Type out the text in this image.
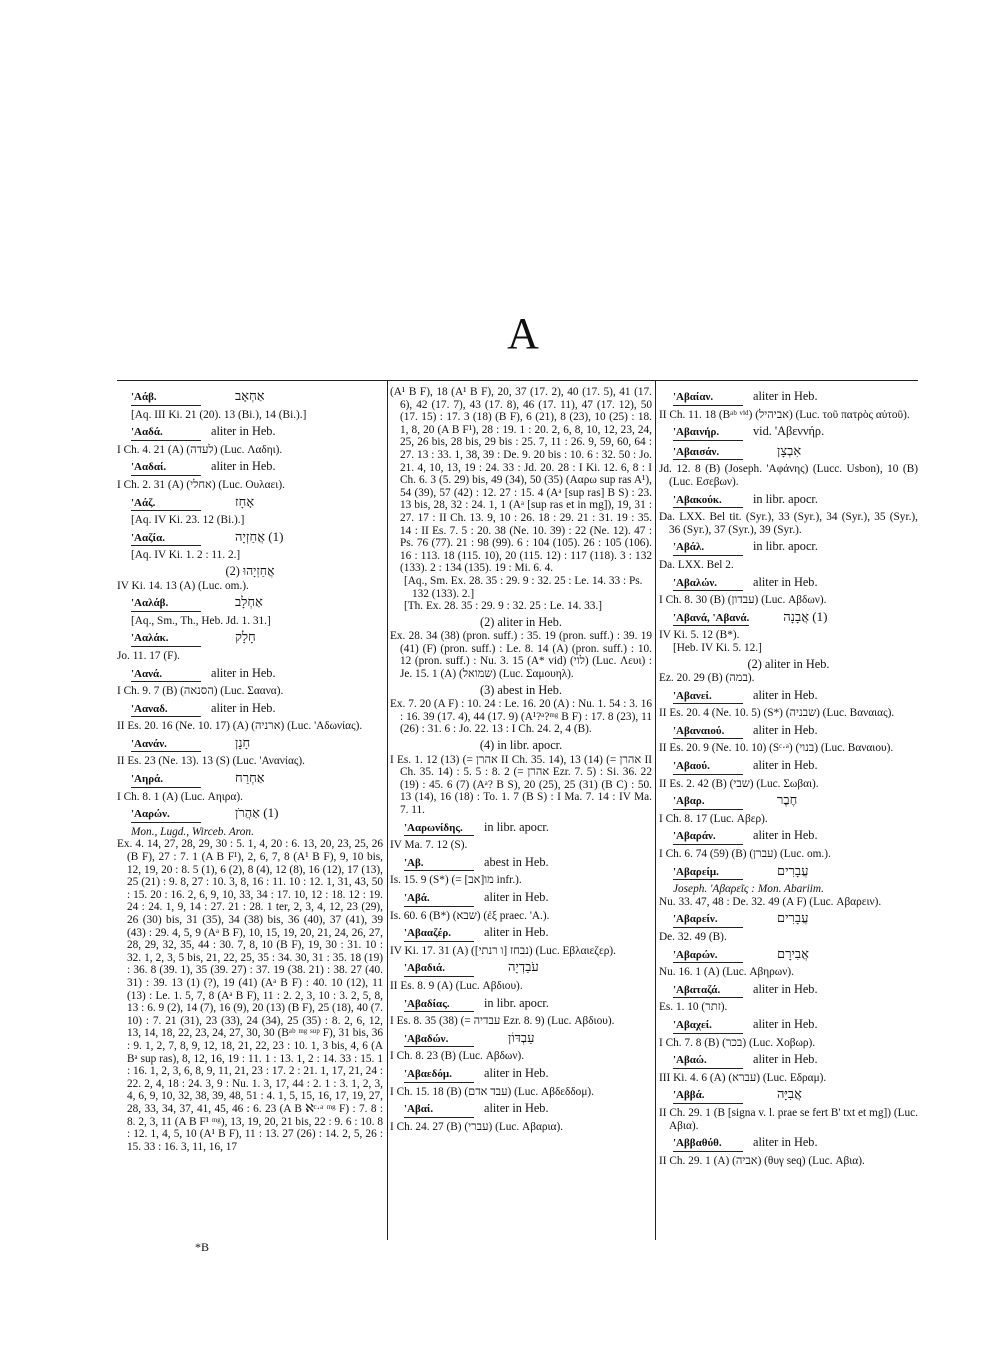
A
'Aάβ.	אַחְאָב
[Aq. III Ki. 21 (20). 13 (Bi.), 14 (Bi.).]
'Aαδά.	aliter in Heb.
I Ch. 4. 21 (A) (לעדה) (Luc. Λαδηι).
'Aαδαί.	aliter in Heb.
I Ch. 2. 31 (A) (אחלי) (Luc. Ουλαει).
'Aάζ.	אָחָז
[Aq. IV Ki. 23. 12 (Bi.).]
'Aαζία.	(1) אֲחַזְיָה
[Aq. IV Ki. 1. 2 : 11. 2.]
(2) אֲחַזְיָהוּ
IV Ki. 14. 13 (A) (Luc. om.).
'Aαλάβ.	אַחְלָב
[Aq., Sm., Th., Heb. Jd. 1. 31.]
'Aαλάκ.	חָלָק
Jo. 11. 17 (F).
'Aανά.	aliter in Heb.
I Ch. 9. 7 (B) (הסנאה) (Luc. Σαανα).
'Aαναδ.	aliter in Heb.
II Es. 20. 16 (Ne. 10. 17) (A) (ארניה) (Luc. 'Αδωνίας).
'Aανάν.	חָנָן
II Es. 23 (Ne. 13). 13 (S) (Luc. 'Ανανίας).
'Aηρά.	אַחְרַח
I Ch. 8. 1 (A) (Luc. Αηιρα).
'Aαρών.	(1) אַהֲרֹן
Mon., Lugd., Wirceb. Aron.
Ex. 4. 14, 27, 28, 29, 30 : 5. 1, 4, 20 : 6. 13, 20, 23, 25, 26 (B F), 27 : 7. 1 (A B F¹), 2, 6, 7, 8 (A¹ B F), 9, 10 bis, 12, 19, 20 : 8. 5 (1), 6 (2), 8 (4), 12 (8), 16 (12), 17 (13), 25 (21) : 9. 8, 27 : 10. 3, 8, 16 : 11. 10 : 12. 1, 31, 43, 50 : 15. 20 : 16. 2, 6, 9, 10, 33, 34 : 17. 10, 12 : 18. 12 : 19. 24 : 24. 1, 9, 14 : 27. 21 : 28. 1 ter, 2, 3, 4, 12, 23 (29), 26 (30) bis, 31 (35), 34 (38) bis, 36 (40), 37 (41), 39 (43) : 29. 4, 5, 9 (Aᵃ B F), 10, 15, 19, 20, 21, 24, 26, 27, 28, 29, 32, 35, 44 : 30. 7, 8, 10 (B F), 19, 30 : 31. 10 : 32. 1, 2, 3, 5 bis, 21, 22, 25, 35 : 34. 30, 31 : 35. 18 (19) : 36. 8 (39. 1), 35 (39. 27) : 37. 19 (38. 21) : 38. 27 (40. 31) : 39. 13 (1) (?), 19 (41) (Aᵃ B F) : 40. 10 (12), 11 (13) : Le. 1. 5, 7, 8 (Aᵃ B F), 11 : 2. 2, 3, 10 : 3. 2, 5, 8, 13 : 6. 9 (2), 14 (7), 16 (9), 20 (13) (B F), 25 (18), 40 (7. 10) : 7. 21 (31), 23 (33), 24 (34), 25 (35) : 8. 2, 6, 12, 13, 14, 18, 22, 23, 24, 27, 30, 30 (Bᵃᵇ ᵐᵍ ˢᵘᵖ F), 31 bis, 36 : 9. 1, 2, 7, 8, 9, 12, 18, 21, 22, 23 : 10. 1, 3 bis, 4, 6 (A Bᵃ sup ras), 8, 12, 16, 19 : 11. 1 : 13. 1, 2 : 14. 33 : 15. 1 : 16. 1, 2, 3, 6, 8, 9, 11, 21, 23 : 17. 2 : 21. 1, 17, 21, 24 : 22. 2, 4, 18 : 24. 3, 9 : Nu. 1. 3, 17, 44 : 2. 1 : 3. 1, 2, 3, 4, 6, 9, 10, 32, 38, 39, 48, 51 : 4. 1, 5, 15, 16, 17, 19, 27, 28, 33, 34, 37, 41, 45, 46 : 6. 23 (A B ℵᶜ·ᵃ ᵐᵍ F) : 7. 8 : 8. 2, 3, 11 (A B F¹ ᵐᵍ), 13, 19, 20, 21 bis, 22 : 9. 6 : 10. 8 : 12. 1, 4, 5, 10 (A¹ B F), 11 : 13. 27 (26) : 14. 2, 5, 26 : 15. 33 : 16. 3, 11, 16, 17
(A¹ B F), 18 (A¹ B F), 20, 37 (17. 2), 40 (17. 5), 41 (17. 6), 42 (17. 7), 43 (17. 8), 46 (17. 11), 47 (17. 12), 50 (17. 15) : 17. 3 (18) (B F), 6 (21), 8 (23), 10 (25) : 18. 1, 8, 20 (A B F¹), 28 : 19. 1 : 20. 2, 6, 8, 10, 12, 23, 24, 25, 26 bis, 28 bis, 29 bis : 25. 7, 11 : 26. 9, 59, 60, 64 : 27. 13 : 33. 1, 38, 39 : De. 9. 20 bis : 10. 6 : 32. 50 : Jo. 21. 4, 10, 13, 19 : 24. 33 : Jd. 20. 28 : I Ki. 12. 6, 8 : I Ch. 6. 3 (5. 29) bis, 49 (34), 50 (35) (Ααρω sup ras A¹), 54 (39), 57 (42) : 12. 27 : 15. 4 (Aᵃ [sup ras] B S) : 23. 13 bis, 28, 32 : 24. 1, 1 (Aᵃ [sup ras et in mg]), 19, 31 : 27. 17 : II Ch. 13. 9, 10 : 26. 18 : 29. 21 : 31. 19 : 35. 14 : II Es. 7. 5 : 20. 38 (Ne. 10. 39) : 22 (Ne. 12). 47 : Ps. 76 (77). 21 : 98 (99). 6 : 104 (105). 26 : 105 (106). 16 : 113. 18 (115. 10), 20 (115. 12) : 117 (118). 3 : 132 (133). 2 : 134 (135). 19 : Mi. 6. 4.
[Aq., Sm. Ex. 28. 35 : 29. 9 : 32. 25 : Le. 14. 33 : Ps. 132 (133). 2.]
[Th. Ex. 28. 35 : 29. 9 : 32. 25 : Le. 14. 33.]
(2) aliter in Heb.
Ex. 28. 34 (38) (pron. suff.) : 35. 19 (pron. suff.) : 39. 19 (41) (F) (pron. suff.) : Le. 8. 14 (A) (pron. suff.) : 10. 12 (pron. suff.) : Nu. 3. 15 (A* vid) (לוי) (Luc. Λευι) : Je. 15. 1 (A) (שמואל) (Luc. Σαμουηλ).
(3) abest in Heb.
Ex. 7. 20 (A F) : 10. 24 : Le. 16. 20 (A) : Nu. 1. 54 : 3. 16 : 16. 39 (17. 4), 44 (17. 9) (A¹?ᵃ?ᵐᵍ B F) : 17. 8 (23), 11 (26) : 31. 6 : Jo. 22. 13 : I Ch. 24. 2, 4 (B).
(4) in libr. apocr.
I Es. 1. 12 (13) (= אהרן II Ch. 35. 14), 13 (14) (= אהרן II Ch. 35. 14) : 5. 5 : 8. 2 (= אהרן Ezr. 7. 5) : Si. 36. 22 (19) : 45. 6 (7) (Aᵃ? B S), 20 (25), 25 (31) (B C) : 50. 13 (14), 16 (18) : To. 1. 7 (B S) : I Ma. 7. 14 : IV Ma. 7. 11.
'Aαρωνίδης.	in libr. apocr.
IV Ma. 7. 12 (S).
'Aβ.	abest in Heb.
Is. 15. 9 (S*) (= מו[אב] infr.).
'Aβά.	aliter in Heb.
Is. 60. 6 (B*) (שבא) (ἐξ praec. 'A.).
'Aβααζέρ.	aliter in Heb.
IV Ki. 17. 31 (A) (נבחז [ו רנתי]) (Luc. Εβλαιεζερ).
'Aβαδιά.	עֹבַדְיָה
II Es. 8. 9 (A) (Luc. Αβδιου).
'Aβαδίας.	in libr. apocr.
I Es. 8. 35 (38) (= עבדיה Ezr. 8. 9) (Luc. Αβδιου).
'Aβαδών.	עַבְדּוֹן
I Ch. 8. 23 (B) (Luc. Αβδων).
'Aβαεδόμ.	aliter in Heb.
I Ch. 15. 18 (B) (עבד אדם) (Luc. Αβδεδδομ).
'Aβαί.	aliter in Heb.
I Ch. 24. 27 (B) (עברי) (Luc. Αβαρια).
'Aβαίαν.	aliter in Heb.
II Ch. 11. 18 (Bᵃᵇ ᵛⁱᵈ) (אביהיל) (Luc. τοῦ πατρὸς αὐτοῦ).
'Aβαινήρ.	vid. 'Aβεννήρ.
'Aβαισάν.	אִבְצָן
Jd. 12. 8 (B) (Joseph. 'Αφάνης) (Lucc. Usbon), 10 (B) (Luc. Εσεβων).
'Aβακούκ.	in libr. apocr.
Da. LXX. Bel tit. (Syr.), 33 (Syr.), 34 (Syr.), 35 (Syr.), 36 (Syr.), 37 (Syr.), 39 (Syr.).
'Aβάλ.	in libr. apocr.
Da. LXX. Bel 2.
'Aβαλών.	aliter in Heb.
I Ch. 8. 30 (B) (עבדון) (Luc. Αβδων).
'Aβανά, 'Aβανά.	(1) אֲבָנָה
IV Ki. 5. 12 (B*).
[Heb. IV Ki. 5. 12.]
(2) aliter in Heb.
Ez. 20. 29 (B) (במה).
'Aβανεί.	aliter in Heb.
II Es. 20. 4 (Ne. 10. 5) (S*) (שבניה) (Luc. Βαναιας).
'Aβαναιού.	aliter in Heb.
II Es. 20. 9 (Ne. 10. 10) (Sᶜ·ᵃ) (בנוי) (Luc. Βαναιου).
'Aβαού.	aliter in Heb.
II Es. 2. 42 (B) (שבי) (Luc. Σωβαι).
'Aβαρ.	חֶבֶר
I Ch. 8. 17 (Luc. Αβερ).
'Aβαράν.	aliter in Heb.
I Ch. 6. 74 (59) (B) (עברן) (Luc. om.).
'Aβαρείμ.	עֲבָרִים
Joseph. 'Αβαρεῖς : Mon. Abariim.
Nu. 33. 47, 48 : De. 32. 49 (A F) (Luc. Αβαρειν).
'Aβαρείν.	עֲבָרִים
De. 32. 49 (B).
'Aβαρών.	אֲבִירָם
Nu. 16. 1 (A) (Luc. Αβηρων).
'Aβαταζά.	aliter in Heb.
Es. 1. 10 (זתר).
'Aβαχεί.	aliter in Heb.
I Ch. 7. 8 (B) (בכר) (Luc. Χοβωρ).
'Aβαώ.	aliter in Heb.
III Ki. 4. 6 (A) (עברא) (Luc. Εδραμ).
'Aββά.	אֲבִיָּה
II Ch. 29. 1 (B [signa v. l. prae se fert B' txt et mg]) (Luc. Αβια).
'Aββαθύθ.	aliter in Heb.
II Ch. 29. 1 (A) (אביה) (θυγ seq) (Luc. Αβια).
*B
